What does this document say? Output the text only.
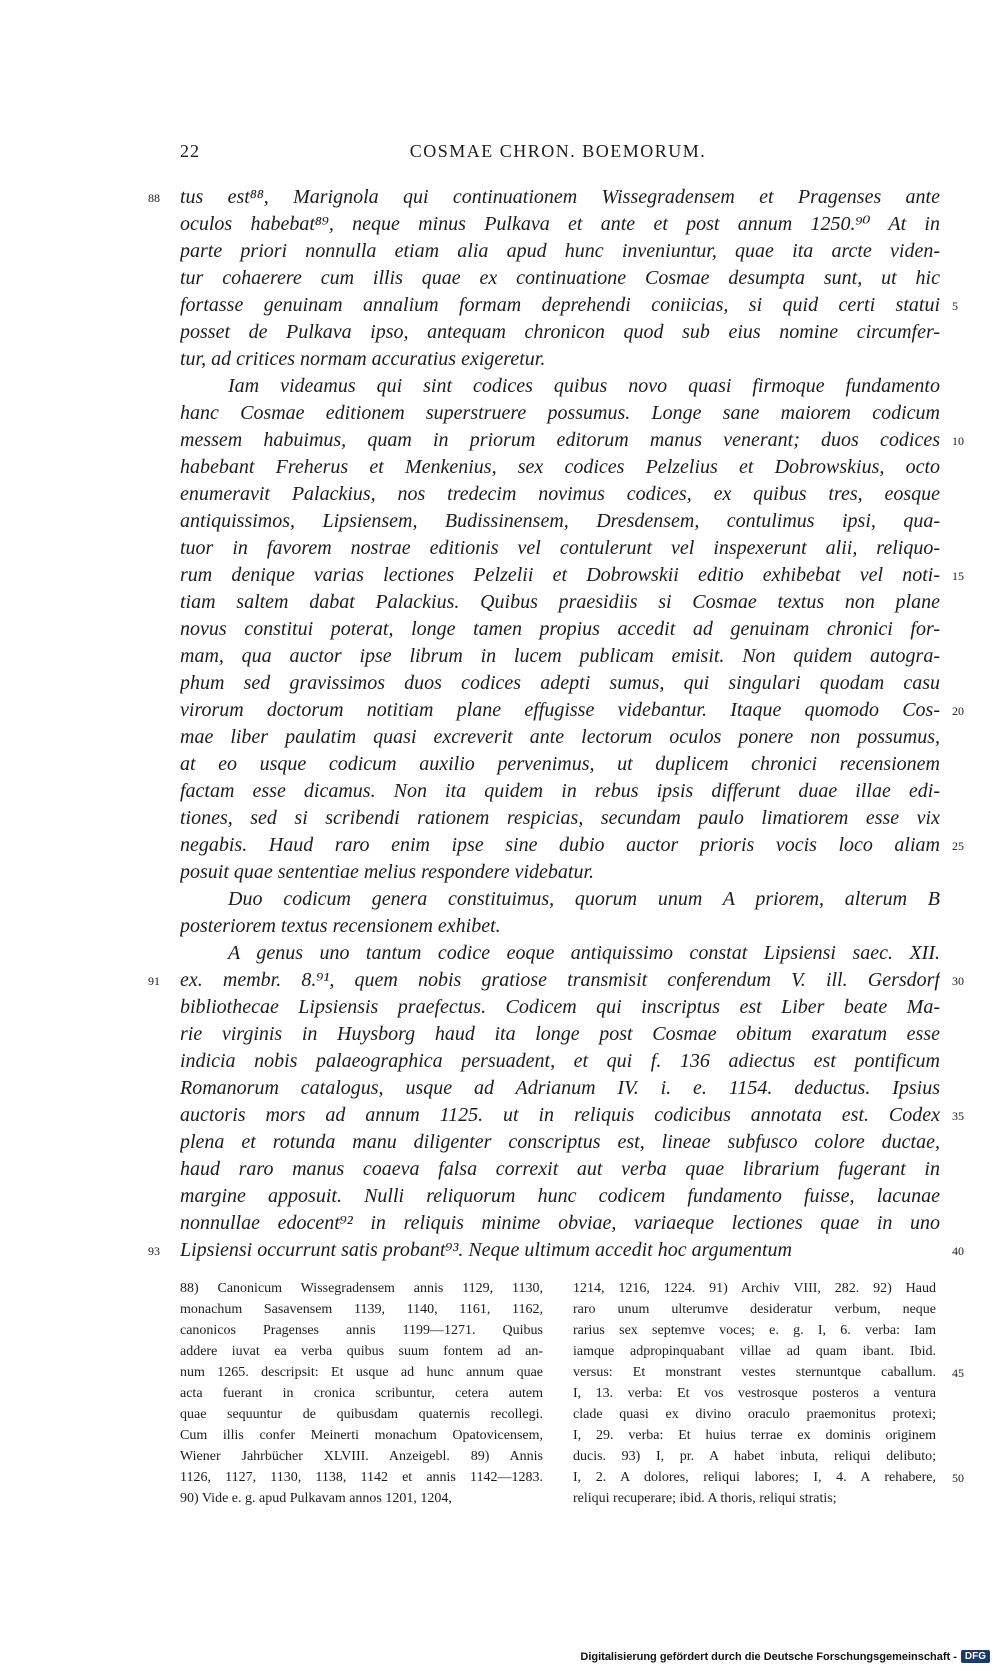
22	COSMAE CHRON. BOEMORUM.
tus est⁸⁸, Marignola qui continuationem Wissegradensem et Pragenses ante
oculos habebat⁸⁹, neque minus Pulkava et ante et post annum 1250.⁹⁰ At in
parte priori nonnulla etiam alia apud hunc inveniuntur, quae ita arcte viden-
tur cohaerere cum illis quae ex continuatione Cosmae desumpta sunt, ut hic
fortasse genuinam annalium formam deprehendi coniicias, si quid certi statui
posset de Pulkava ipso, antequam chronicon quod sub eius nomine circumfer-
tur, ad critices normam accuratius exigeretur.
Iam videamus qui sint codices quibus novo quasi firmoque fundamento
hanc Cosmae editionem superstruere possumus. Longe sane maiorem codicum
messem habuimus, quam in priorum editorum manus venerant; duos codices
habebant Freherus et Menkenius, sex codices Pelzelius et Dobrowskius, octo
enumeravit Palackius, nos tredecim novimus codices, ex quibus tres, eosque
antiquissimos, Lipsiensem, Budissinensem, Dresdensem, contulimus ipsi, qua-
tuor in favorem nostrae editionis vel contulerunt vel inspexerunt alii, reliquo-
rum denique varias lectiones Pelzelii et Dobrowskii editio exhibebat vel noti-
tiam saltem dabat Palackius. Quibus praesidiis si Cosmae textus non plane
novus constitui poterat, longe tamen propius accedit ad genuinam chronici for-
mam, qua auctor ipse librum in lucem publicam emisit. Non quidem autogra-
phum sed gravissimos duos codices adepti sumus, qui singulari quodam casu
virorum doctorum notitiam plane effugisse videbantur. Itaque quomodo Cos-
mae liber paulatim quasi excreverit ante lectorum oculos ponere non possumus,
at eo usque codicum auxilio pervenimus, ut duplicem chronici recensionem
factam esse dicamus. Non ita quidem in rebus ipsis differunt duae illae edi-
tiones, sed si scribendi rationem respicias, secundam paulo limatiorem esse vix
negabis. Haud raro enim ipse sine dubio auctor prioris vocis loco aliam
posuit quae sententiae melius respondere videbatur.
Duo codicum genera constituimus, quorum unum A priorem, alterum B
posteriorem textus recensionem exhibet.
A genus uno tantum codice eoque antiquissimo constat Lipsiensi saec. XII.
ex. membr. 8.⁹¹, quem nobis gratiose transmisit conferendum V. ill. Gersdorf
bibliothecae Lipsiensis praefectus. Codicem qui inscriptus est Liber beate Ma-
rie virginis in Huysborg haud ita longe post Cosmae obitum exaratum esse
indicia nobis palaeographica persuadent, et qui f. 136 adiectus est pontificum
Romanorum catalogus, usque ad Adrianum IV. i. e. 1154. deductus. Ipsius
auctoris mors ad annum 1125. ut in reliquis codicibus annotata est. Codex
plena et rotunda manu diligenter conscriptus est, lineae subfusco colore ductae,
haud raro manus coaeva falsa correxit aut verba quae librarium fugerant in
margine apposuit. Nulli reliquorum hunc codicem fundamento fuisse, lacunae
nonnullae edocent⁹² in reliquis minime obviae, variaeque lectiones quae in uno
Lipsiensi occurrunt satis probant⁹³. Neque ultimum accedit hoc argumentum
88
91
93
5
10
15
20
25
30
35
40
88) Canonicum Wissegradensem annis 1129, 1130,
monachum Sasavensem 1139, 1140, 1161, 1162,
canonicos Pragenses annis 1199—1271. Quibus
addere iuvat ea verba quibus suum fontem ad an-
num 1265. descripsit: Et usque ad hunc annum quae
acta fuerant in cronica scribuntur, cetera autem
quae sequuntur de quibusdam quaternis recollegi.
Cum illis confer Meinerti monachum Opatovicensem,
Wiener Jahrbücher XLVIII. Anzeigebl. 89) Annis
1126, 1127, 1130, 1138, 1142 et annis 1142—1283.
90) Vide e. g. apud Pulkavam annos 1201, 1204,
1214, 1216, 1224. 91) Archiv VIII, 282. 92) Haud
raro unum ulterumve desideratur verbum, neque
rarius sex septemve voces; e. g. I, 6. verba: Iam
iamque adpropinquabant villae ad quam ibant. Ibid.
versus: Et monstrant vestes sternuntque caballum.
I, 13. verba: Et vos vestrosque posteros a ventura
clade quasi ex divino oraculo praemonitus protexi;
I, 29. verba: Et huius terrae ex dominis originem
ducis. 93) I, pr. A habet inbuta, reliqui delibuto;
I, 2. A dolores, reliqui labores; I, 4. A rehabere,
reliqui recuperare; ibid. A thoris, reliqui stratis;
45
50
Digitalisierung gefördert durch die Deutsche Forschungsgemeinschaft - DFG
